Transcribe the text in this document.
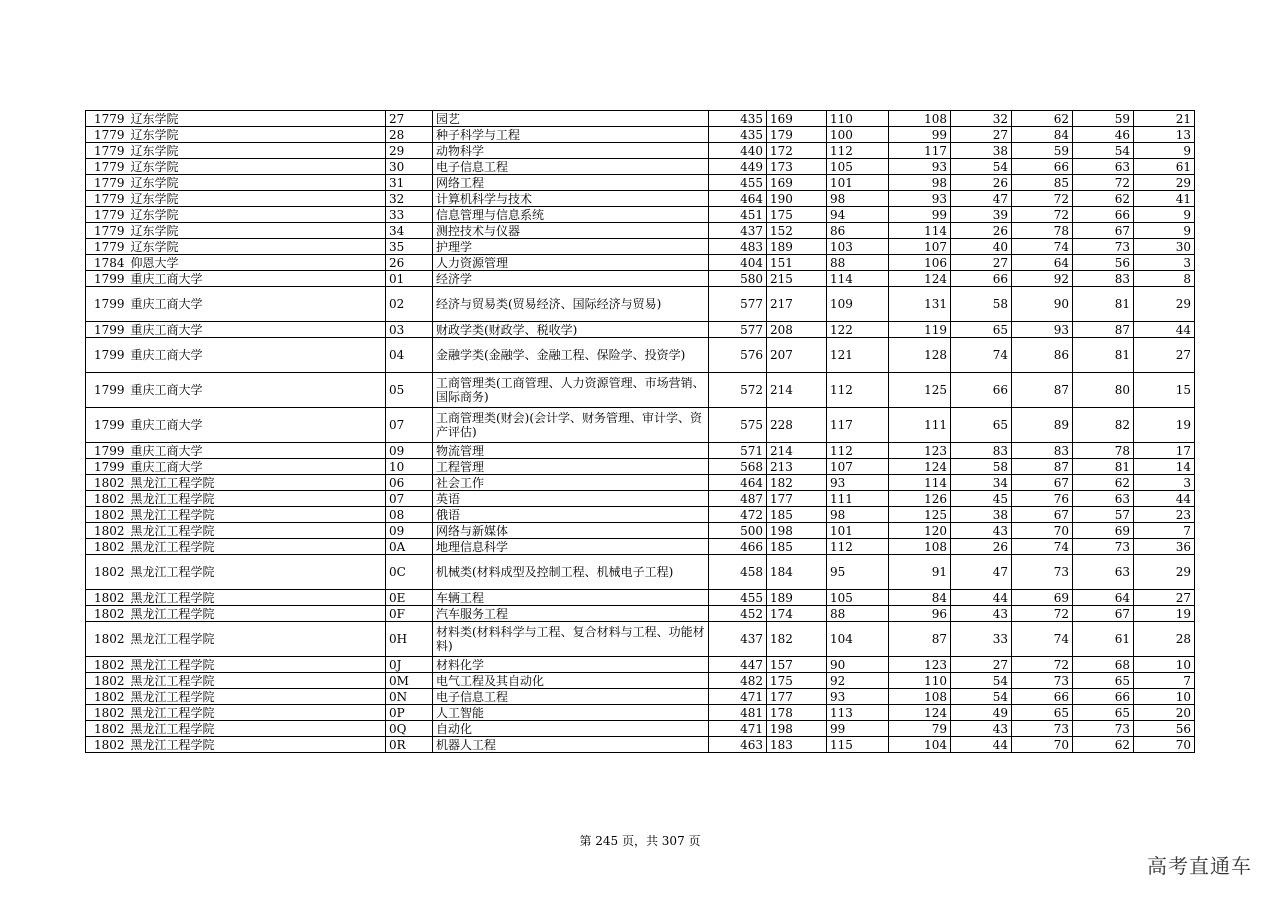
1779	辽东学院	27	园艺	435	169	110	108	32	62	59	21
1779	辽东学院	28	种子科学与工程	435	179	100	99	27	84	46	13
1779	辽东学院	29	动物科学	440	172	112	117	38	59	54	9
1779	辽东学院	30	电子信息工程	449	173	105	93	54	66	63	61
1779	辽东学院	31	网络工程	455	169	101	98	26	85	72	29
1779	辽东学院	32	计算机科学与技术	464	190	98	93	47	72	62	41
1779	辽东学院	33	信息管理与信息系统	451	175	94	99	39	72	66	9
1779	辽东学院	34	测控技术与仪器	437	152	86	114	26	78	67	9
1779	辽东学院	35	护理学	483	189	103	107	40	74	73	30
1784	仰恩大学	26	人力资源管理	404	151	88	106	27	64	56	3
1799	重庆工商大学	01	经济学	580	215	114	124	66	92	83	8
1799	重庆工商大学	02	经济与贸易类(贸易经济、国际经济与贸易)	577	217	109	131	58	90	81	29
1799	重庆工商大学	03	财政学类(财政学、税收学)	577	208	122	119	65	93	87	44
1799	重庆工商大学	04	金融学类(金融学、金融工程、保险学、投资学)	576	207	121	128	74	86	81	27
1799	重庆工商大学	05	工商管理类(工商管理、人力资源管理、市场营销、国际商务)	572	214	112	125	66	87	80	15
1799	重庆工商大学	07	工商管理类(财会)(会计学、财务管理、审计学、资产评估)	575	228	117	111	65	89	82	19
1799	重庆工商大学	09	物流管理	571	214	112	123	83	83	78	17
1799	重庆工商大学	10	工程管理	568	213	107	124	58	87	81	14
1802	黑龙江工程学院	06	社会工作	464	182	93	114	34	67	62	3
1802	黑龙江工程学院	07	英语	487	177	111	126	45	76	63	44
1802	黑龙江工程学院	08	俄语	472	185	98	125	38	67	57	23
1802	黑龙江工程学院	09	网络与新媒体	500	198	101	120	43	70	69	7
1802	黑龙江工程学院	0A	地理信息科学	466	185	112	108	26	74	73	36
1802	黑龙江工程学院	0C	机械类(材料成型及控制工程、机械电子工程)	458	184	95	91	47	73	63	29
1802	黑龙江工程学院	0E	车辆工程	455	189	105	84	44	69	64	27
1802	黑龙江工程学院	0F	汽车服务工程	452	174	88	96	43	72	67	19
1802	黑龙江工程学院	0H	材料类(材料科学与工程、复合材料与工程、功能材料)	437	182	104	87	33	74	61	28
1802	黑龙江工程学院	0J	材料化学	447	157	90	123	27	72	68	10
1802	黑龙江工程学院	0M	电气工程及其自动化	482	175	92	110	54	73	65	7
1802	黑龙江工程学院	0N	电子信息工程	471	177	93	108	54	66	66	10
1802	黑龙江工程学院	0P	人工智能	481	178	113	124	49	65	65	20
1802	黑龙江工程学院	0Q	自动化	471	198	99	79	43	73	73	56
1802	黑龙江工程学院	0R	机器人工程	463	183	115	104	44	70	62	70
第 245 页，共 307 页
高考直通车
